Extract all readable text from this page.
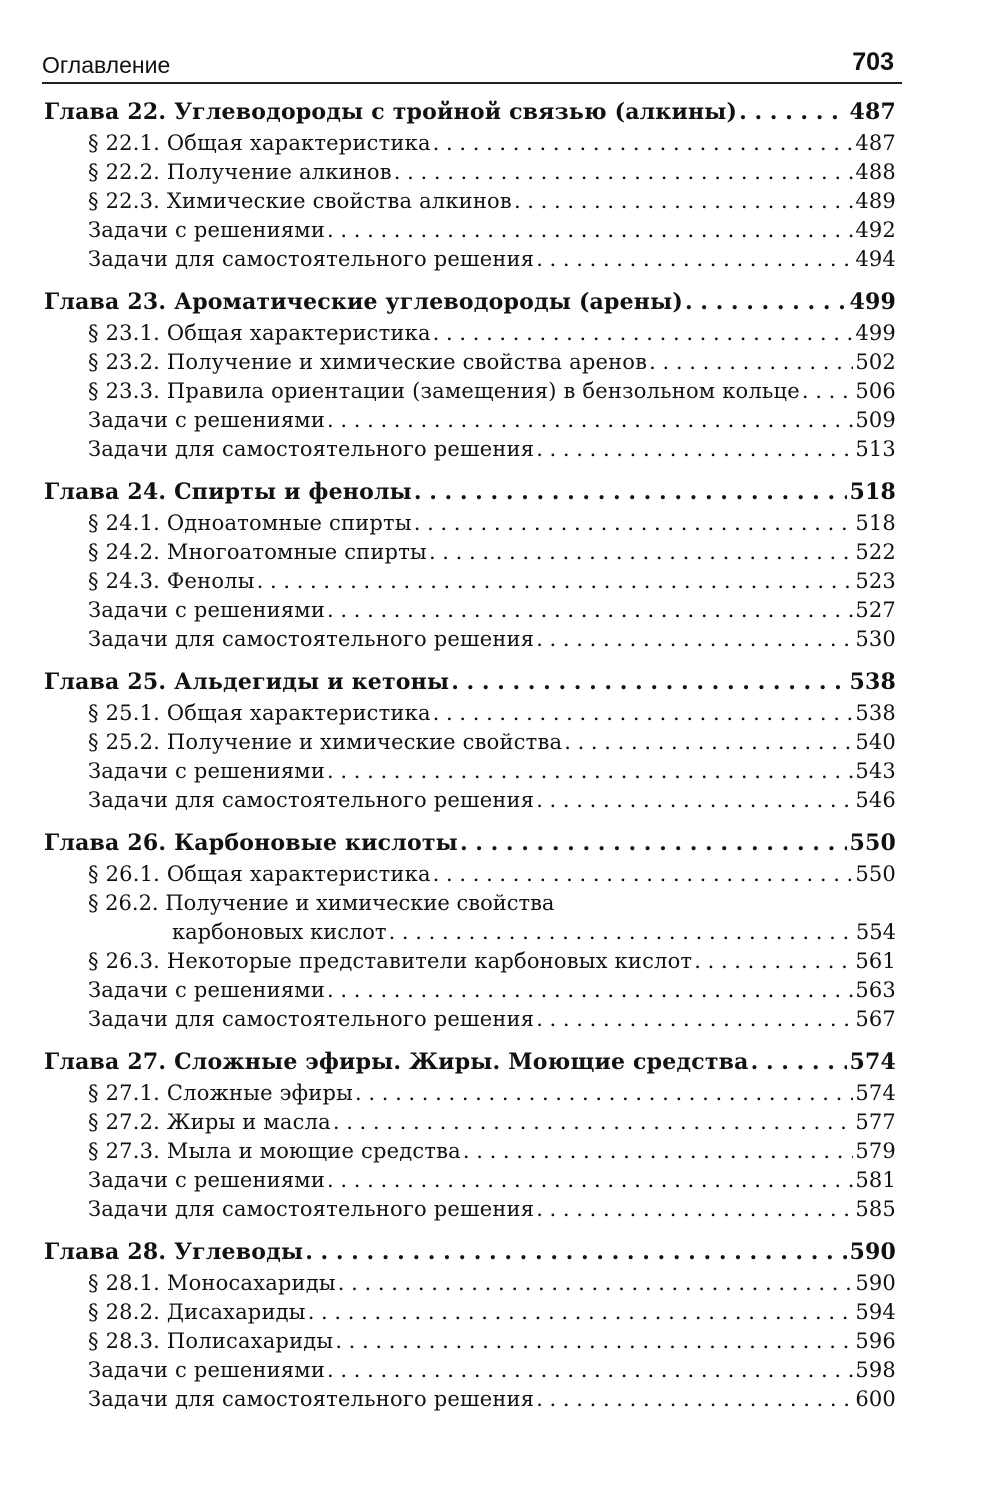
Оглавление	703
Глава 22. Углеводороды с тройной связью (алкины) . . .	487
§ 22.1. Общая характеристика . . .	487
§ 22.2. Получение алкинов . . .	488
§ 22.3. Химические свойства алкинов . . .	489
Задачи с решениями . . .	492
Задачи для самостоятельного решения . . .	494
Глава 23. Ароматические углеводороды (арены) . . .	499
§ 23.1. Общая характеристика . . .	499
§ 23.2. Получение и химические свойства аренов . . .	502
§ 23.3. Правила ориентации (замещения) в бензольном кольце . . .	506
Задачи с решениями . . .	509
Задачи для самостоятельного решения . . .	513
Глава 24. Спирты и фенолы . . .	518
§ 24.1. Одноатомные спирты . . .	518
§ 24.2. Многоатомные спирты . . .	522
§ 24.3. Фенолы . . .	523
Задачи с решениями . . .	527
Задачи для самостоятельного решения . . .	530
Глава 25. Альдегиды и кетоны . . .	538
§ 25.1. Общая характеристика . . .	538
§ 25.2. Получение и химические свойства . . .	540
Задачи с решениями . . .	543
Задачи для самостоятельного решения . . .	546
Глава 26. Карбоновые кислоты . . .	550
§ 26.1. Общая характеристика . . .	550
§ 26.2. Получение и химические свойства
карбоновых кислот . . .	554
§ 26.3. Некоторые представители карбоновых кислот . . .	561
Задачи с решениями . . .	563
Задачи для самостоятельного решения . . .	567
Глава 27. Сложные эфиры. Жиры. Моющие средства . . .	574
§ 27.1. Сложные эфиры . . .	574
§ 27.2. Жиры и масла . . .	577
§ 27.3. Мыла и моющие средства . . .	579
Задачи с решениями . . .	581
Задачи для самостоятельного решения . . .	585
Глава 28. Углеводы . . .	590
§ 28.1. Моносахариды . . .	590
§ 28.2. Дисахариды . . .	594
§ 28.3. Полисахариды . . .	596
Задачи с решениями . . .	598
Задачи для самостоятельного решения . . .	600
